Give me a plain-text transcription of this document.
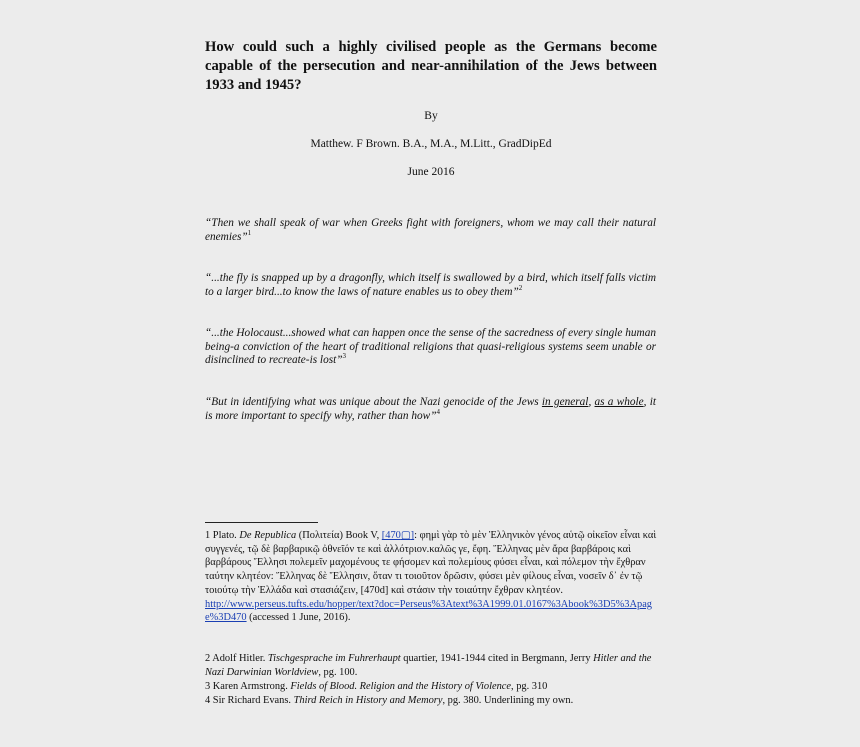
How could such a highly civilised people as the Germans become capable of the persecution and near-annihilation of the Jews between 1933 and 1945?
By
Matthew. F Brown. B.A., M.A., M.Litt., GradDipEd
June 2016
“Then we shall speak of war when Greeks fight with foreigners, whom we may call their natural enemies”$^1$
“...the fly is snapped up by a dragonfly, which itself is swallowed by a bird, which itself falls victim to a larger bird...to know the laws of nature enables us to obey them”$^2$
“...the Holocaust...showed what can happen once the sense of the sacredness of every single human being-a conviction of the heart of traditional religions that quasi-religious systems seem unable or disinclined to recreate-is lost”$^3$
“But in identifying what was unique about the Nazi genocide of the Jews in general, as a whole, it is more important to specify why, rather than how”$^4$
1 Plato. De Republica (Πολιτεία) Book V, [470▢]: φημὶ γὰρ τὸ μὲν Ἑλληνικὸν γένος αὑτῷ οἰκεῖον εἶναι καὶ συγγενές, τῷ δὲ βαρβαρικῷ ὀθνεῖόν τε καὶ ἀλλότριον.καλῶς γε, ἔφη. Ἕλληνας μὲν ἄρα βαρβάροις καὶ βαρβάρους Ἕλλησι πολεμεῖν μαχομένους τε φήσομεν καὶ πολεμίους φύσει εἶναι, καὶ πόλεμον τὴν ἔχθραν ταύτην κλητέον: Ἕλληνας δὲ Ἕλλησιν, ὅταν τι τοιοῦτον δρῶσιν, φύσει μὲν φίλους εἶναι, νοσεῖν δ᾽ ἐν τῷ τοιούτῳ τὴν Ἑλλάδα καὶ στασιάζειν, [470d] καὶ στάσιν τὴν τοιαύτην ἔχθραν κλητέον.
http://www.perseus.tufts.edu/hopper/text?doc=Perseus%3Atext%3A1999.01.0167%3Abook%3D5%3Apage%3D470 (accessed 1 June, 2016).
2 Adolf Hitler. Tischgesprache im Fuhrerhaupt quartier, 1941-1944 cited in Bergmann, Jerry Hitler and the Nazi Darwinian Worldview, pg. 100.
3 Karen Armstrong. Fields of Blood. Religion and the History of Violence, pg. 310
4 Sir Richard Evans. Third Reich in History and Memory, pg. 380. Underlining my own.
